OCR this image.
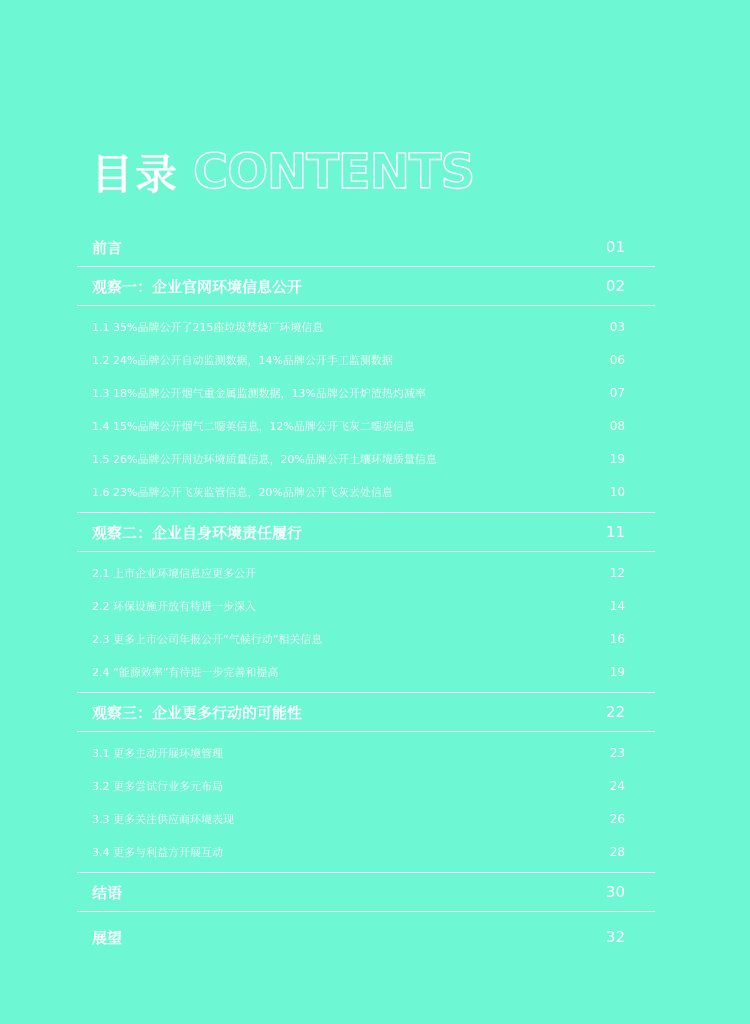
目录 CONTENTS
前言	01
观察一：企业官网环境信息公开	02
1.1 35%品牌公开了215座垃圾焚烧厂环境信息	03
1.2 24%品牌公开自动监测数据，14%品牌公开手工监测数据	06
1.3 18%品牌公开烟气重金属监测数据，13%品牌公开炉渣热灼减率	07
1.4 15%品牌公开烟气二噁英信息，12%品牌公开飞灰二噁英信息	08
1.5 26%品牌公开周边环境质量信息，20%品牌公开土壤环境质量信息	19
1.6 23%品牌公开飞灰监管信息，20%品牌公开飞灰去处信息	10
观察二：企业自身环境责任履行	11
2.1 上市企业环境信息应更多公开	12
2.2 环保设施开放有待进一步深入	14
2.3 更多上市公司年报公开“气候行动”相关信息	16
2.4 “能源效率”有待进一步完善和提高	19
观察三：企业更多行动的可能性	22
3.1 更多主动开展环境管理	23
3.2 更多尝试行业多元布局	24
3.3 更多关注供应商环境表现	26
3.4 更多与利益方开展互动	28
结语	30
展望	32
